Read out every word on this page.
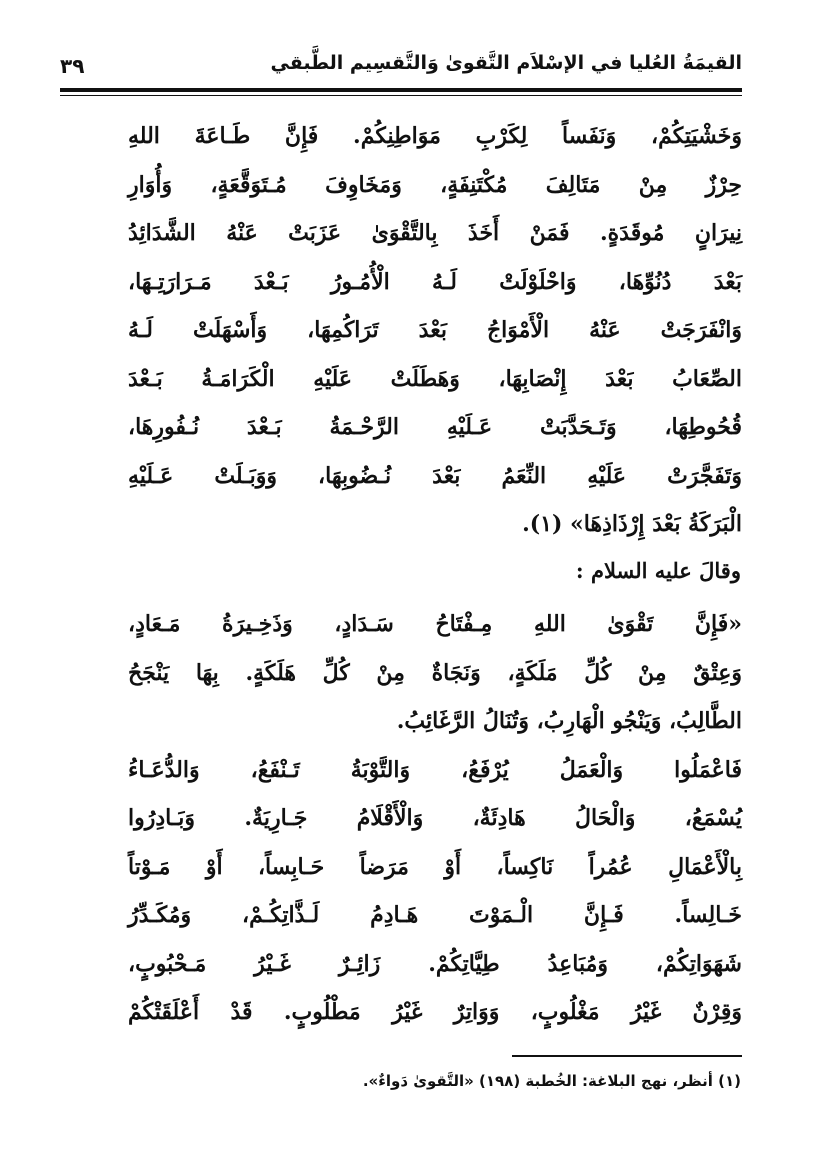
القيمَةُ العُليا في الإسْلاَم التَّقوىٰ وَالتَّقسِيم الطَّبقي
٣٩

وَخَشْيَتِكُمْ، وَنَفَساً لِكَرْبِ مَوَاطِنِكُمْ. فَإِنَّ طَـاعَةَ اللهِ
حِرْزٌ مِنْ مَتَالِفَ مُكْتَنِفَةٍ، وَمَخَاوِفَ مُـتَوَقَّعَةٍ، وَأُوَارِ
نِيرَانٍ مُوقَدَةٍ. فَمَنْ أَخَذَ بِالتَّقْوَىٰ عَزَبَتْ عَنْهُ الشَّدَائِدُ
بَعْدَ دُنُوِّهَا، وَاحْلَوْلَتْ لَـهُ الْأُمُـورُ بَـعْدَ مَـرَارَتِـهَا،
وَانْفَرَجَتْ عَنْهُ الْأَمْوَاجُ بَعْدَ تَرَاكُمِهَا، وَأَسْهَلَتْ لَـهُ
الصِّعَابُ بَعْدَ إِنْصَابِهَا، وَهَطَلَتْ عَلَيْهِ الْكَرَامَـةُ بَـعْدَ
قُحُوطِهَا، وَتَـحَدَّبَتْ عَـلَيْهِ الرَّحْـمَةُ بَـعْدَ نُـفُورِهَا،
وَتَفَجَّرَتْ عَلَيْهِ النِّعَمُ بَعْدَ نُـضُوبِهَا، وَوَبَـلَتْ عَـلَيْهِ
الْبَرَكَةُ بَعْدَ إِرْذَاذِهَا» (١).

وقالَ عليه السلام :

«فَإِنَّ تَقْوَىٰ اللهِ مِـفْتَاحُ سَـدَادٍ، وَذَخِـيرَةُ مَـعَادٍ،
وَعِتْقٌ مِنْ كُلِّ مَلَكَةٍ، وَنَجَاةٌ مِنْ كُلِّ هَلَكَةٍ. بِهَا يَنْجَحُ
الطَّالِبُ، وَيَنْجُو الْهَارِبُ، وَتُنَالُ الرَّغَائِبُ.

فَاعْمَلُوا وَالْعَمَلُ يُرْفَعُ، وَالتَّوْبَةُ تَـنْفَعُ، وَالدُّعَـاءُ
يُسْمَعُ، وَالْحَالُ هَادِئَةٌ، وَالْأَقْلَامُ جَـارِيَةٌ. وَبَـادِرُوا
بِالْأَعْمَالِ عُمُراً نَاكِساً، أَوْ مَرَضاً حَـابِساً، أَوْ مَـوْتاً
خَـالِساً. فَـإِنَّ الْـمَوْتَ هَـادِمُ لَـذَّاتِكُـمْ، وَمُكَـدِّرُ
شَهَوَاتِكُمْ، وَمُبَاعِدُ طِيَّاتِكُمْ. زَائِـرٌ غَـيْرُ مَـحْبُوبٍ،
وَقِرْنٌ غَيْرُ مَغْلُوبٍ، وَوَاتِرٌ غَيْرُ مَطْلُوبٍ. قَدْ أَعْلَقَتْكُمْ

(١) أنظر، نهج البلاغة: الخُطبة (١٩٨) «التَّقوىٰ دَواءٌ».
